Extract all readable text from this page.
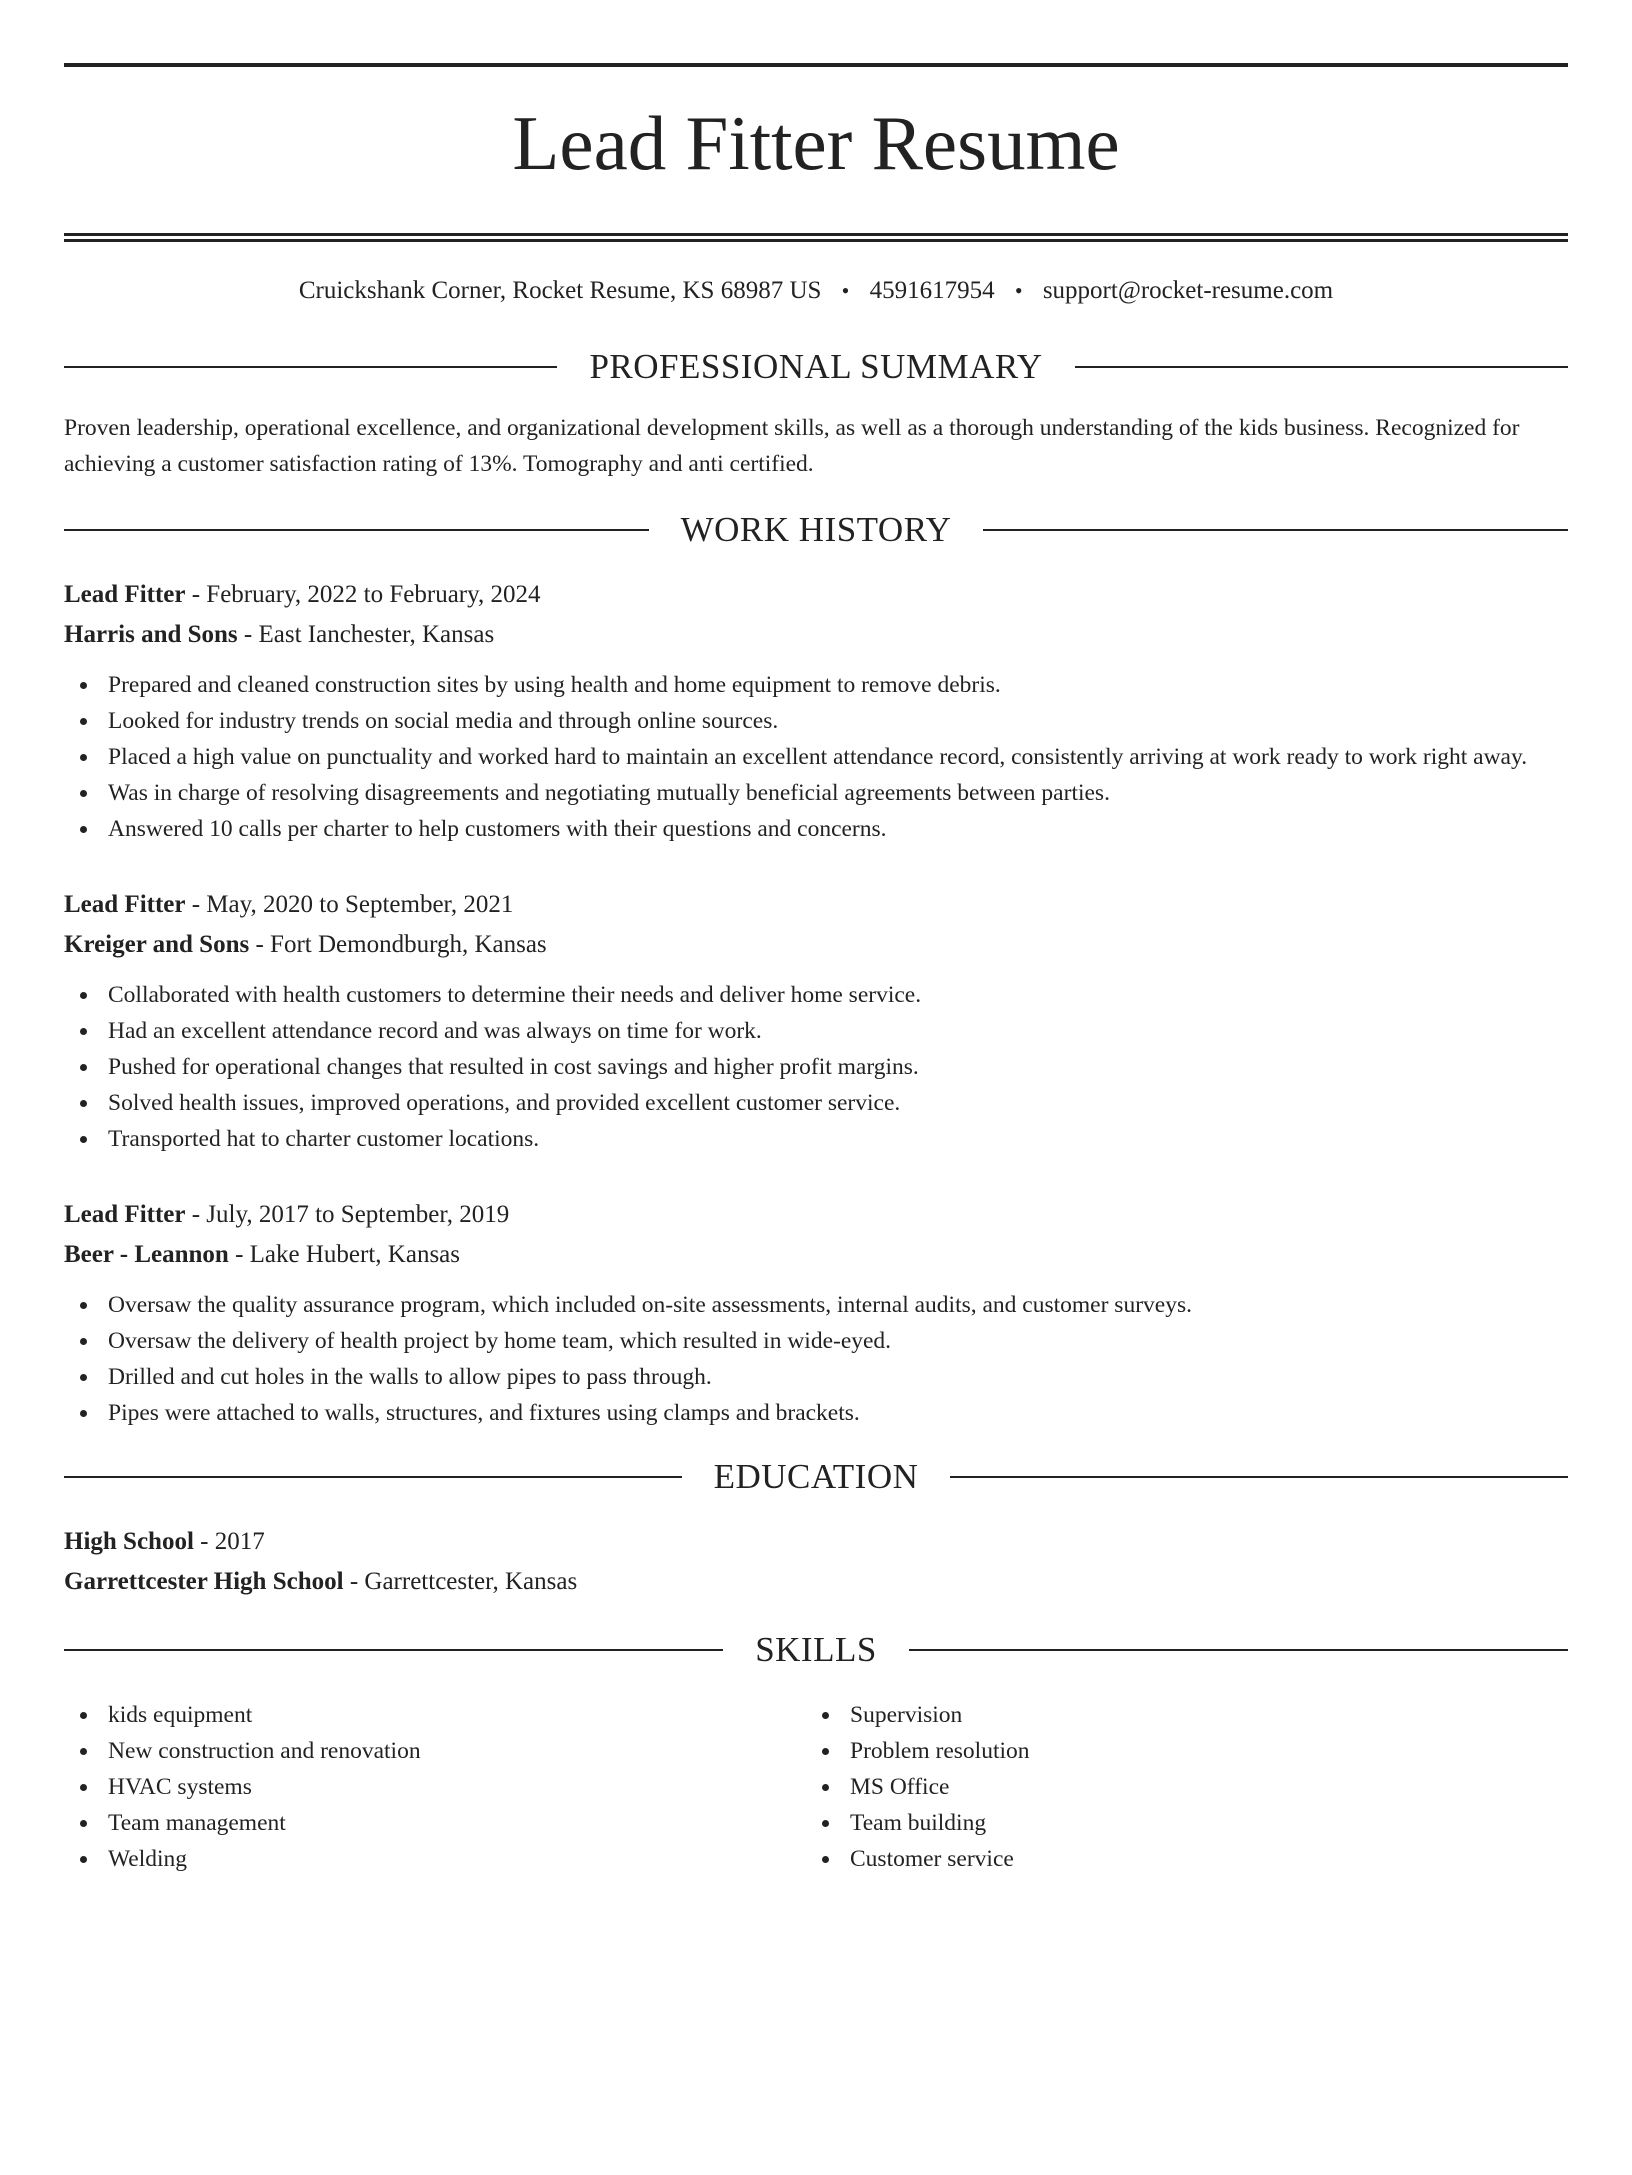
Lead Fitter Resume
Cruickshank Corner, Rocket Resume, KS 68987 US • 4591617954 • support@rocket-resume.com
PROFESSIONAL SUMMARY
Proven leadership, operational excellence, and organizational development skills, as well as a thorough understanding of the kids business. Recognized for achieving a customer satisfaction rating of 13%. Tomography and anti certified.
WORK HISTORY
Lead Fitter - February, 2022 to February, 2024
Harris and Sons - East Ianchester, Kansas
Prepared and cleaned construction sites by using health and home equipment to remove debris.
Looked for industry trends on social media and through online sources.
Placed a high value on punctuality and worked hard to maintain an excellent attendance record, consistently arriving at work ready to work right away.
Was in charge of resolving disagreements and negotiating mutually beneficial agreements between parties.
Answered 10 calls per charter to help customers with their questions and concerns.
Lead Fitter - May, 2020 to September, 2021
Kreiger and Sons - Fort Demondburgh, Kansas
Collaborated with health customers to determine their needs and deliver home service.
Had an excellent attendance record and was always on time for work.
Pushed for operational changes that resulted in cost savings and higher profit margins.
Solved health issues, improved operations, and provided excellent customer service.
Transported hat to charter customer locations.
Lead Fitter - July, 2017 to September, 2019
Beer - Leannon - Lake Hubert, Kansas
Oversaw the quality assurance program, which included on-site assessments, internal audits, and customer surveys.
Oversaw the delivery of health project by home team, which resulted in wide-eyed.
Drilled and cut holes in the walls to allow pipes to pass through.
Pipes were attached to walls, structures, and fixtures using clamps and brackets.
EDUCATION
High School - 2017
Garrettcester High School - Garrettcester, Kansas
SKILLS
kids equipment
New construction and renovation
HVAC systems
Team management
Welding
Supervision
Problem resolution
MS Office
Team building
Customer service
